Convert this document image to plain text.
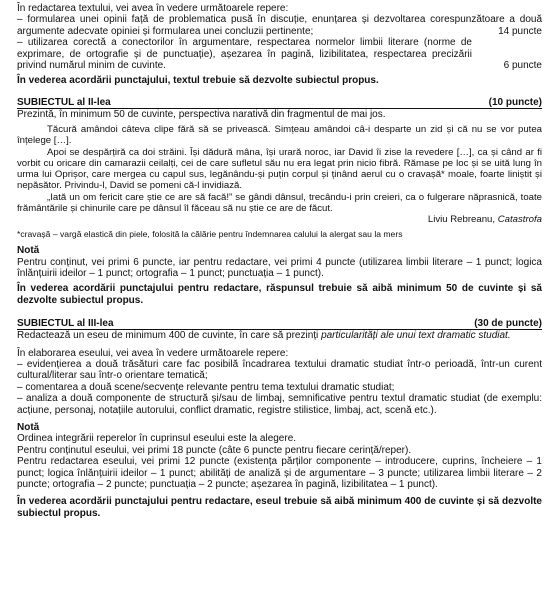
În redactarea textului, vei avea în vedere următoarele repere:

– formularea unei opinii față de problematica pusă în discuție, enunțarea și dezvoltarea corespunzătoare a două argumente adecvate opiniei și formularea unei concluzii pertinente;	14 puncte

– utilizarea corectă a conectorilor în argumentare, respectarea normelor limbii literare (norme de exprimare, de ortografie și de punctuație), așezarea în pagină, lizibilitatea, respectarea precizării privind numărul minim de cuvinte.	6 puncte

În vederea acordării punctajului, textul trebuie să dezvolte subiectul propus.

SUBIECTUL al II-lea	(10 puncte)

Prezintă, în minimum 50 de cuvinte, perspectiva narativă din fragmentul de mai jos.

Tăcură amândoi câteva clipe fără să se privească. Simțeau amândoi câ-i desparte un zid și că nu se vor putea înțelege […].

Apoi se despărțiră ca doi străini. Își dădură mâna, își urară noroc, iar David îi zise la revedere […], ca și când ar fi vorbit cu oricare din camarazii ceilalți, cei de care sufletul său nu era legat prin nicio fibră. Rămase pe loc și se uită lung în urma lui Oprișor, care mergea cu capul sus, legănându-și puțin corpul și ținând aerul cu o cravașă* moale, foarte liniștit și nepăsător. Privindu-l, David se pomeni că-l invidiază.

„Iată un om fericit care știe ce are să facă!” se gândi dânsul, trecându-i prin creieri, ca o fulgerare năprasnică, toate frământările și chinurile care pe dânsul îl făceau să nu știe ce are de făcut.

Liviu Rebreanu, Catastrofa

*cravașă – vargă elastică din piele, folosită la călărie pentru îndemnarea calului la alergat sau la mers

Notă

Pentru conținut, vei primi 6 puncte, iar pentru redactare, vei primi 4 puncte (utilizarea limbii literare – 1 punct; logica înlănțuirii ideilor – 1 punct; ortografia – 1 punct; punctuația – 1 punct).

În vederea acordării punctajului pentru redactare, răspunsul trebuie să aibă minimum 50 de cuvinte și să dezvolte subiectul propus.

SUBIECTUL al III-lea	(30 de puncte)

Redactează un eseu de minimum 400 de cuvinte, în care să prezinți particularități ale unui text dramatic studiat.

În elaborarea eseului, vei avea în vedere următoarele repere:

– evidențierea a două trăsături care fac posibilă încadrarea textului dramatic studiat într-o perioadă, într-un curent cultural/literar sau într-o orientare tematică;

– comentarea a două scene/secvențe relevante pentru tema textului dramatic studiat;

– analiza a două componente de structură și/sau de limbaj, semnificative pentru textul dramatic studiat (de exemplu: acțiune, personaj, notațiile autorului, conflict dramatic, registre stilistice, limbaj, act, scenă etc.).

Notă

Ordinea integrării reperelor în cuprinsul eseului este la alegere.

Pentru conținutul eseului, vei primi 18 puncte (câte 6 puncte pentru fiecare cerință/reper).

Pentru redactarea eseului, vei primi 12 puncte (existența părților componente – introducere, cuprins, încheiere – 1 punct; logica înlănțuirii ideilor – 1 punct; abilități de analiză și de argumentare – 3 puncte; utilizarea limbii literare – 2 puncte; ortografia – 2 puncte; punctuația – 2 puncte; așezarea în pagină, lizibilitatea – 1 punct).

În vederea acordării punctajului pentru redactare, eseul trebuie să aibă minimum 400 de cuvinte și să dezvolte subiectul propus.
